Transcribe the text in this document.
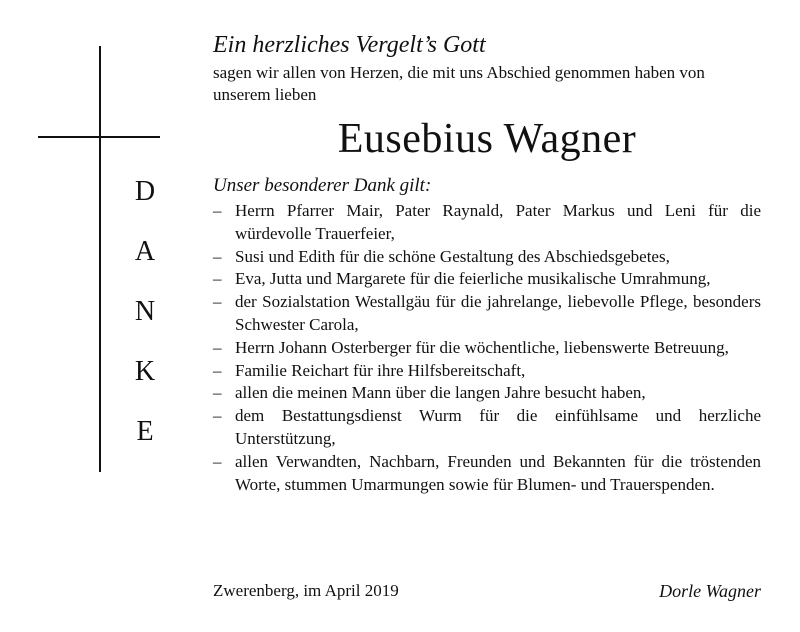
D
A
N
K
E
Ein herzliches Vergelt’s Gott

sagen wir allen von Herzen, die mit uns Abschied genommen haben von unserem lieben

Eusebius Wagner
Unser besonderer Dank gilt:
– Herrn Pfarrer Mair, Pater Raynald, Pater Markus und Leni für die würdevolle Trauerfeier,
– Susi und Edith für die schöne Gestaltung des Abschiedsgebetes,
– Eva, Jutta und Margarete für die feierliche musikalische Umrahmung,
– der Sozialstation Westallgäu für die jahrelange, liebevolle Pflege, besonders Schwester Carola,
– Herrn Johann Osterberger für die wöchentliche, liebenswerte Betreuung,
– Familie Reichart für ihre Hilfsbereitschaft,
– allen die meinen Mann über die langen Jahre besucht haben,
– dem Bestattungsdienst Wurm für die einfühlsame und herzliche Unterstützung,
– allen Verwandten, Nachbarn, Freunden und Bekannten für die tröstenden Worte, stummen Umarmungen sowie für Blumen- und Trauerspenden.
Zwerenberg, im April 2019	Dorle Wagner
